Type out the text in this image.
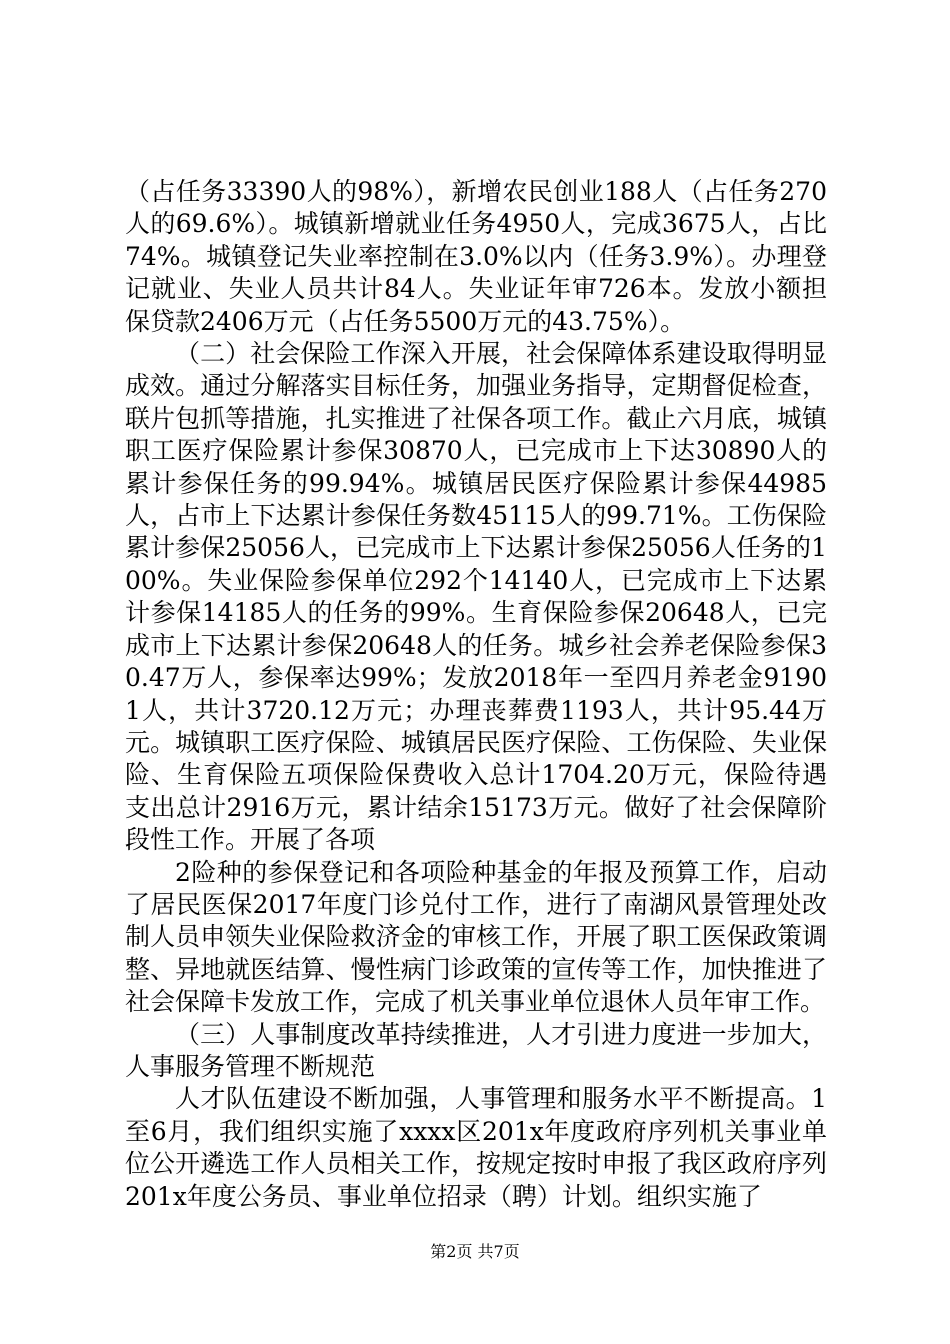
（占任务33390人的98%），新增农民创业188人（占任务270人的69.6%）。城镇新增就业任务4950人，完成3675人，占比74%。城镇登记失业率控制在3.0%以内（任务3.9%）。办理登记就业、失业人员共计84人。失业证年审726本。发放小额担保贷款2406万元（占任务5500万元的43.75%）。

（二）社会保险工作深入开展，社会保障体系建设取得明显成效。通过分解落实目标任务，加强业务指导，定期督促检查，联片包抓等措施，扎实推进了社保各项工作。截止六月底，城镇职工医疗保险累计参保30870人，已完成市上下达30890人的累计参保任务的99.94%。城镇居民医疗保险累计参保44985人，占市上下达累计参保任务数45115人的99.71%。工伤保险累计参保25056人，已完成市上下达累计参保25056人任务的100%。失业保险参保单位292个14140人，已完成市上下达累计参保14185人的任务的99%。生育保险参保20648人，已完成市上下达累计参保20648人的任务。城乡社会养老保险参保30.47万人，参保率达99%；发放2018年一至四月养老金91901人，共计3720.12万元；办理丧葬费1193人，共计95.44万元。城镇职工医疗保险、城镇居民医疗保险、工伤保险、失业保险、生育保险五项保险保费收入总计1704.20万元，保险待遇支出总计2916万元，累计结余15173万元。做好了社会保障阶段性工作。开展了各项

2险种的参保登记和各项险种基金的年报及预算工作，启动了居民医保2017年度门诊兑付工作，进行了南湖风景管理处改制人员申领失业保险救济金的审核工作，开展了职工医保政策调整、异地就医结算、慢性病门诊政策的宣传等工作，加快推进了社会保障卡发放工作，完成了机关事业单位退休人员年审工作。

（三）人事制度改革持续推进，人才引进力度进一步加大，人事服务管理不断规范

人才队伍建设不断加强，人事管理和服务水平不断提高。1至6月，我们组织实施了xxxx区201x年度政府序列机关事业单位公开遴选工作人员相关工作，按规定按时申报了我区政府序列201x年度公务员、事业单位招录（聘）计划。组织实施了

第2页 共7页
